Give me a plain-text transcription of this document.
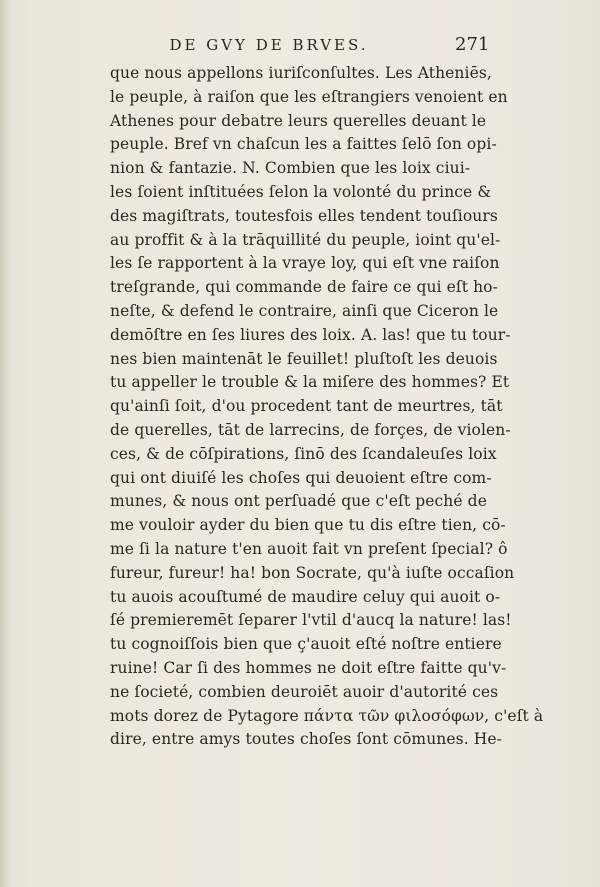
DE GVY DE BRVES.	271
que nous appellons iuriſconſultes. Les Atheniēs,
le peuple, à raiſon que les eſtrangiers venoient en
Athenes pour debatre leurs querelles deuant le
peuple. Bref vn chaſcun les a faittes ſelō ſon opi-
nion & fantazie. N. Combien que les loix ciui-
les ſoient inſtituées ſelon la volonté du prince &
des magiſtrats, toutesfois elles tendent touſiours
au proffit & à la trāquillité du peuple, ioint qu'el-
les ſe rapportent à la vraye loy, qui eſt vne raiſon
treſgrande, qui commande de faire ce qui eſt ho-
neſte, & defend le contraire, ainſi que Ciceron le
demōſtre en ſes liures des loix. A. las! que tu tour-
nes bien maintenāt le feuillet! pluſtoſt les deuois
tu appeller le trouble & la miſere des hommes? Et
qu'ainſi ſoit, d'ou procedent tant de meurtres, tāt
de querelles, tāt de larrecins, de forçes, de violen-
ces, & de cōſpirations, ſinō des ſcandaleuſes loix
qui ont diuiſé les choſes qui deuoient eſtre com-
munes, & nous ont perſuadé que c'eſt peché de
me vouloir ayder du bien que tu dis eſtre tien, cō-
me ſi la nature t'en auoit fait vn preſent ſpecial? ô
fureur, fureur! ha! bon Socrate, qu'à iuſte occaſion
tu auois acouſtumé de maudire celuy qui auoit o-
ſé premieremēt ſeparer l'vtil d'aucq la nature! las!
tu cognoiſſois bien que ç'auoit eſté noſtre entiere
ruine! Car ſi des hommes ne doit eſtre faitte qu'v-
ne ſocieté, combien deuroiēt auoir d'autorité ces
mots dorez de Pytagore πάντα τῶν φιλοσόφων, c'eſt à
dire, entre amys toutes choſes ſont cōmunes. He-
